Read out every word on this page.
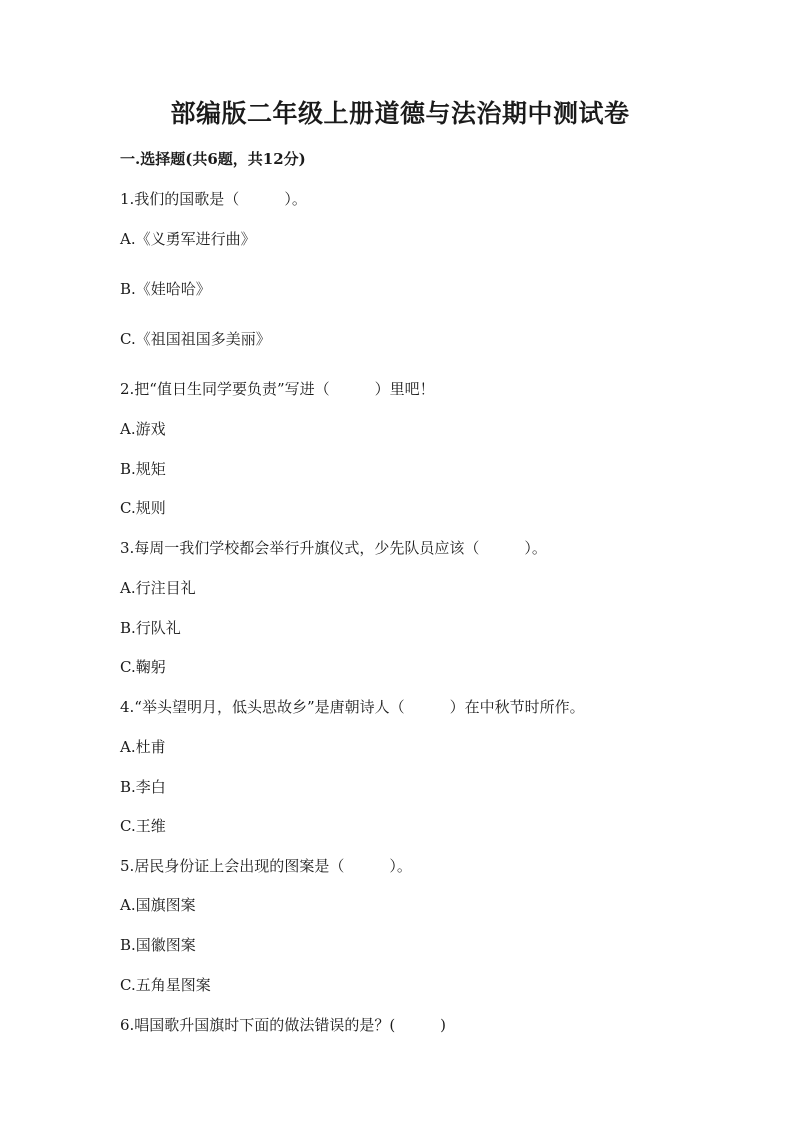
部编版二年级上册道德与法治期中测试卷
一.选择题(共6题，共12分)
1.我们的国歌是（　　　）。
A.《义勇军进行曲》
B.《娃哈哈》
C.《祖国祖国多美丽》
2.把“值日生同学要负责”写进（　　　）里吧！
A.游戏
B.规矩
C.规则
3.每周一我们学校都会举行升旗仪式，少先队员应该（　　　）。
A.行注目礼
B.行队礼
C.鞠躬
4.“举头望明月，低头思故乡”是唐朝诗人（　　　）在中秋节时所作。
A.杜甫
B.李白
C.王维
5.居民身份证上会出现的图案是（　　　）。
A.国旗图案
B.国徽图案
C.五角星图案
6.唱国歌升国旗时下面的做法错误的是？(　　　)
